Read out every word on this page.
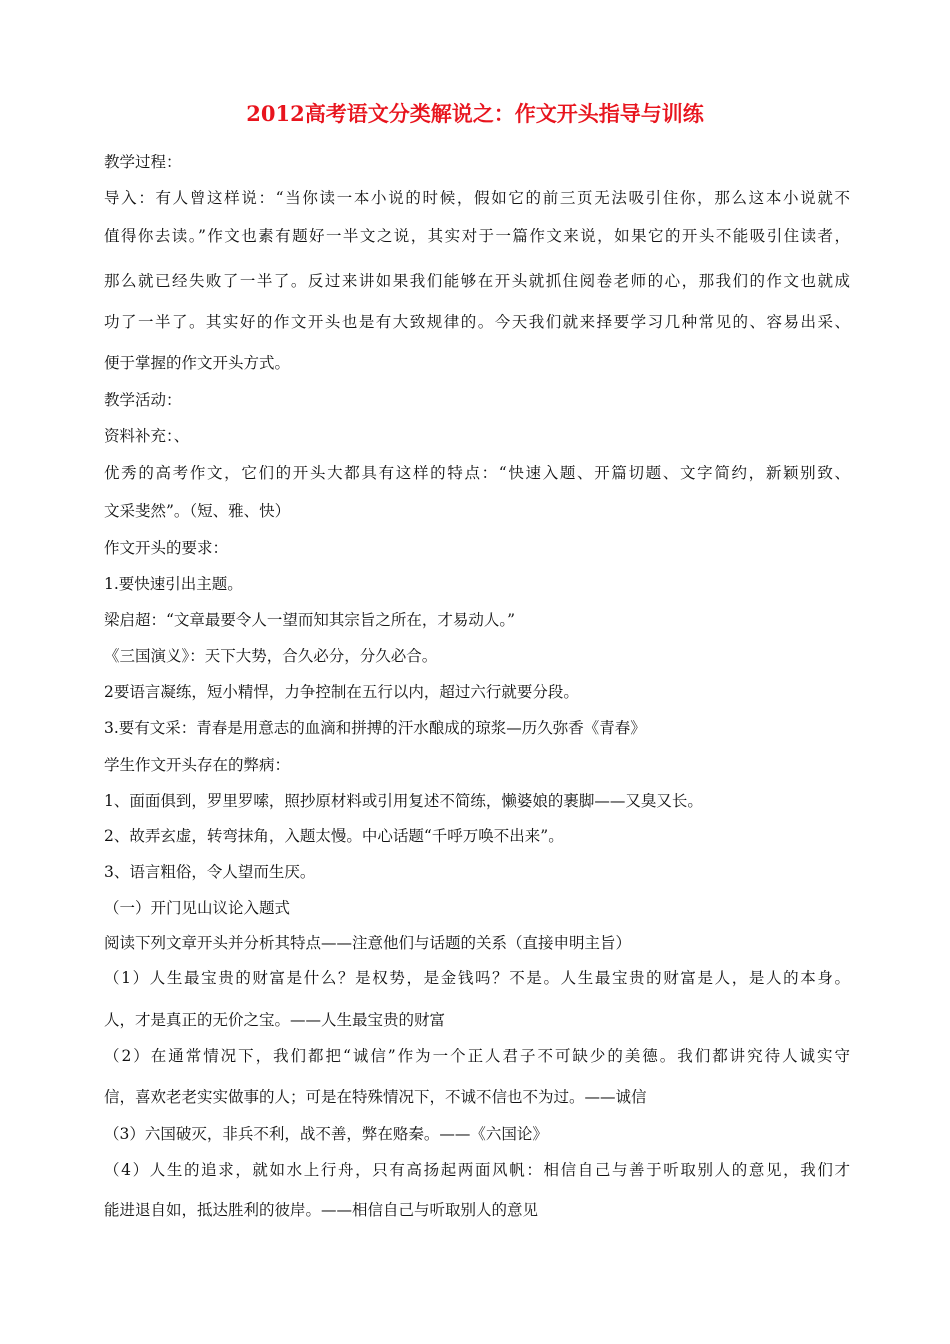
2012高考语文分类解说之：作文开头指导与训练
教学过程：
导入：有人曾这样说：“当你读一本小说的时候，假如它的前三页无法吸引住你，那么这本小说就不
值得你去读。”作文也素有题好一半文之说，其实对于一篇作文来说，如果它的开头不能吸引住读者，
那么就已经失败了一半了。反过来讲如果我们能够在开头就抓住阅卷老师的心，那我们的作文也就成
功了一半了。其实好的作文开头也是有大致规律的。今天我们就来择要学习几种常见的、容易出采、
便于掌握的作文开头方式。
教学活动：
资料补充：、
优秀的高考作文，它们的开头大都具有这样的特点：“快速入题、开篇切题、文字简约，新颖别致、
文采斐然”。（短、雅、快）
作文开头的要求：
1.要快速引出主题。
梁启超：“文章最要令人一望而知其宗旨之所在，才易动人。”
《三国演义》：天下大势，合久必分，分久必合。
2要语言凝练，短小精悍，力争控制在五行以内，超过六行就要分段。
3.要有文采：青春是用意志的血滴和拼搏的汗水酿成的琼浆—历久弥香《青春》
学生作文开头存在的弊病：
1、面面俱到，罗里罗嗦，照抄原材料或引用复述不简练，懒婆娘的裹脚——又臭又长。
2、故弄玄虚，转弯抹角，入题太慢。中心话题“千呼万唤不出来”。
3、语言粗俗，令人望而生厌。
（一）开门见山议论入题式
阅读下列文章开头并分析其特点——注意他们与话题的关系（直接申明主旨）
（1）人生最宝贵的财富是什么？是权势，是金钱吗？不是。人生最宝贵的财富是人，是人的本身。
人，才是真正的无价之宝。——人生最宝贵的财富
（2）在通常情况下，我们都把“诚信”作为一个正人君子不可缺少的美德。我们都讲究待人诚实守
信，喜欢老老实实做事的人；可是在特殊情况下，不诚不信也不为过。——诚信
（3）六国破灭，非兵不利，战不善，弊在赂秦。——《六国论》
（4）人生的追求，就如水上行舟，只有高扬起两面风帆：相信自己与善于听取别人的意见，我们才
能进退自如，抵达胜利的彼岸。——相信自己与听取别人的意见
